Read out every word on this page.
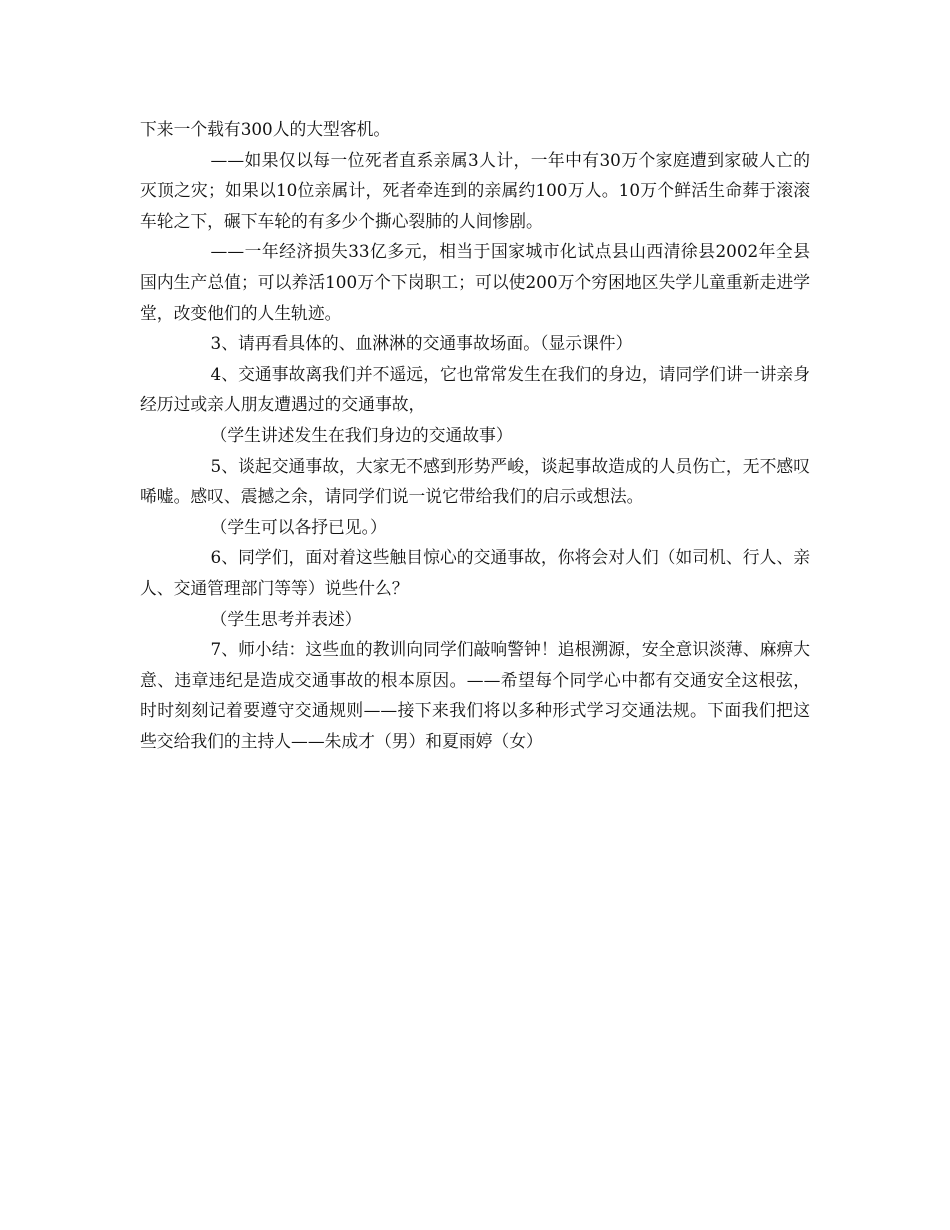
下来一个载有300人的大型客机。

——如果仅以每一位死者直系亲属3人计，一年中有30万个家庭遭到家破人亡的灭顶之灾；如果以10位亲属计，死者牵连到的亲属约100万人。10万个鲜活生命葬于滚滚车轮之下，碾下车轮的有多少个撕心裂肺的人间惨剧。

——一年经济损失33亿多元，相当于国家城市化试点县山西清徐县2002年全县国内生产总值；可以养活100万个下岗职工；可以使200万个穷困地区失学儿童重新走进学堂，改变他们的人生轨迹。

3、请再看具体的、血淋淋的交通事故场面。（显示课件）

4、交通事故离我们并不遥远，它也常常发生在我们的身边，请同学们讲一讲亲身经历过或亲人朋友遭遇过的交通事故，

（学生讲述发生在我们身边的交通故事）

5、谈起交通事故，大家无不感到形势严峻，谈起事故造成的人员伤亡，无不感叹唏嘘。感叹、震撼之余，请同学们说一说它带给我们的启示或想法。

（学生可以各抒已见。）

6、同学们，面对着这些触目惊心的交通事故，你将会对人们（如司机、行人、亲人、交通管理部门等等）说些什么？

（学生思考并表述）

7、师小结：这些血的教训向同学们敲响警钟！追根溯源，安全意识淡薄、麻痹大意、违章违纪是造成交通事故的根本原因。——希望每个同学心中都有交通安全这根弦，时时刻刻记着要遵守交通规则——接下来我们将以多种形式学习交通法规。下面我们把这些交给我们的主持人——朱成才（男）和夏雨婷（女）
